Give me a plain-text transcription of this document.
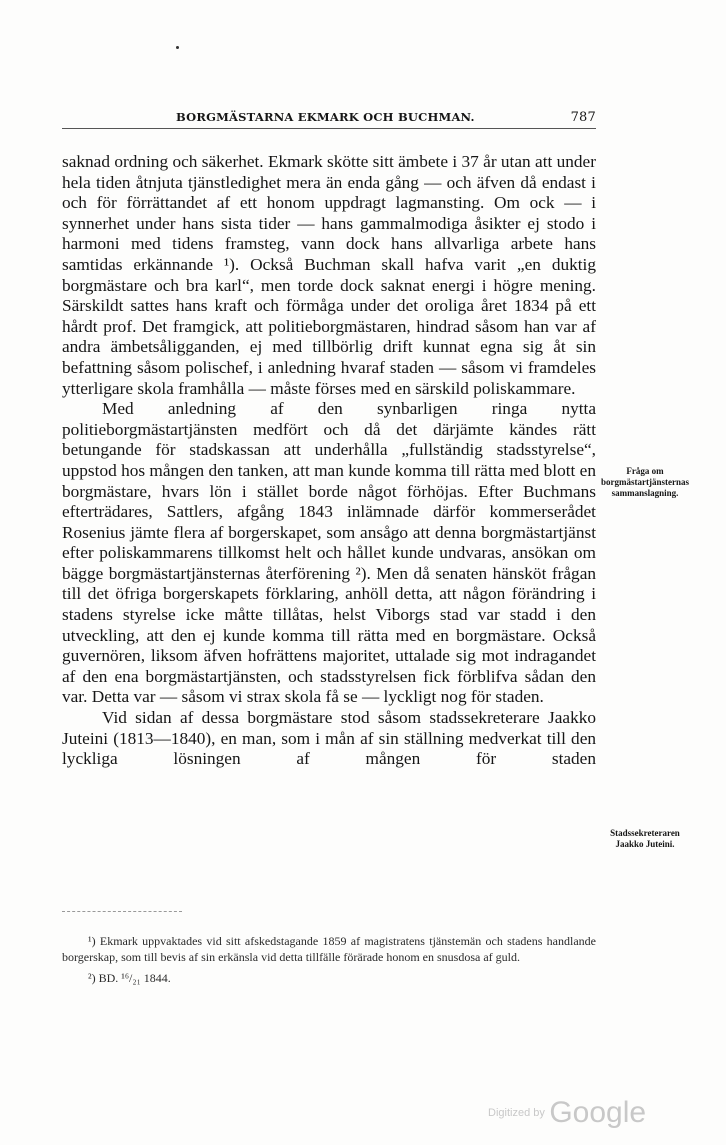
BORGMÄSTARNA EKMARK OCH BUCHMAN.	787

saknad ordning och säkerhet. Ekmark skötte sitt ämbete i 37 år utan att under hela tiden åtnjuta tjänstledighet mera än enda gång — och äfven då endast i och för förrättandet af ett honom uppdragt lagmansting. Om ock — i synnerhet under hans sista tider — hans gammalmodiga åsikter ej stodo i harmoni med tidens framsteg, vann dock hans allvarliga arbete hans samtidas erkännande ¹). Också Buchman skall hafva varit „en duktig borgmästare och bra karl“, men torde dock saknat energi i högre mening. Särskildt sattes hans kraft och förmåga under det oroliga året 1834 på ett hårdt prof. Det framgick, att politieborgmästaren, hindrad såsom han var af andra ämbetsåligganden, ej med tillbörlig drift kunnat egna sig åt sin befattning såsom polischef, i anledning hvaraf staden — såsom vi framdeles ytterligare skola framhålla — måste förses med en särskild poliskammare.

Med anledning af den synbarligen ringa nytta politieborgmästartjänsten medfört och då det därjämte kändes rätt betungande för stadskassan att underhålla „fullständig stadsstyrelse“, uppstod hos mången den tanken, att man kunde komma till rätta med blott en borgmästare, hvars lön i stället borde något förhöjas. Efter Buchmans efterträdares, Sattlers, afgång 1843 inlämnade därför kommerserådet Rosenius jämte flera af borgerskapet, som ansågo att denna borgmästartjänst efter poliskammarens tillkomst helt och hållet kunde undvaras, ansökan om bägge borgmästartjänsternas återförening ²). Men då senaten hänsköt frågan till det öfriga borgerskapets förklaring, anhöll detta, att någon förändring i stadens styrelse icke måtte tillåtas, helst Viborgs stad var stadd i den utveckling, att den ej kunde komma till rätta med en borgmästare. Också guvernören, liksom äfven hofrättens majoritet, uttalade sig mot indragandet af den ena borgmästartjänsten, och stadsstyrelsen fick förblifva sådan den var. Detta var — såsom vi strax skola få se — lyckligt nog för staden.

Vid sidan af dessa borgmästare stod såsom stadssekreterare Jaakko Juteini (1813—1840), en man, som i mån af sin ställning medverkat till den lyckliga lösningen af mången för staden

Fråga om borgmästartjänsternas sammanslagning.
Stadssekreteraren Jaakko Juteini.

¹) Ekmark uppvaktades vid sitt afskedstagande 1859 af magistratens tjänstemän och stadens handlande borgerskap, som till bevis af sin erkänsla vid detta tillfälle förärade honom en snusdosa af guld.

²) BD. ¹⁶/₂₁ 1844.

Digitized by Google
